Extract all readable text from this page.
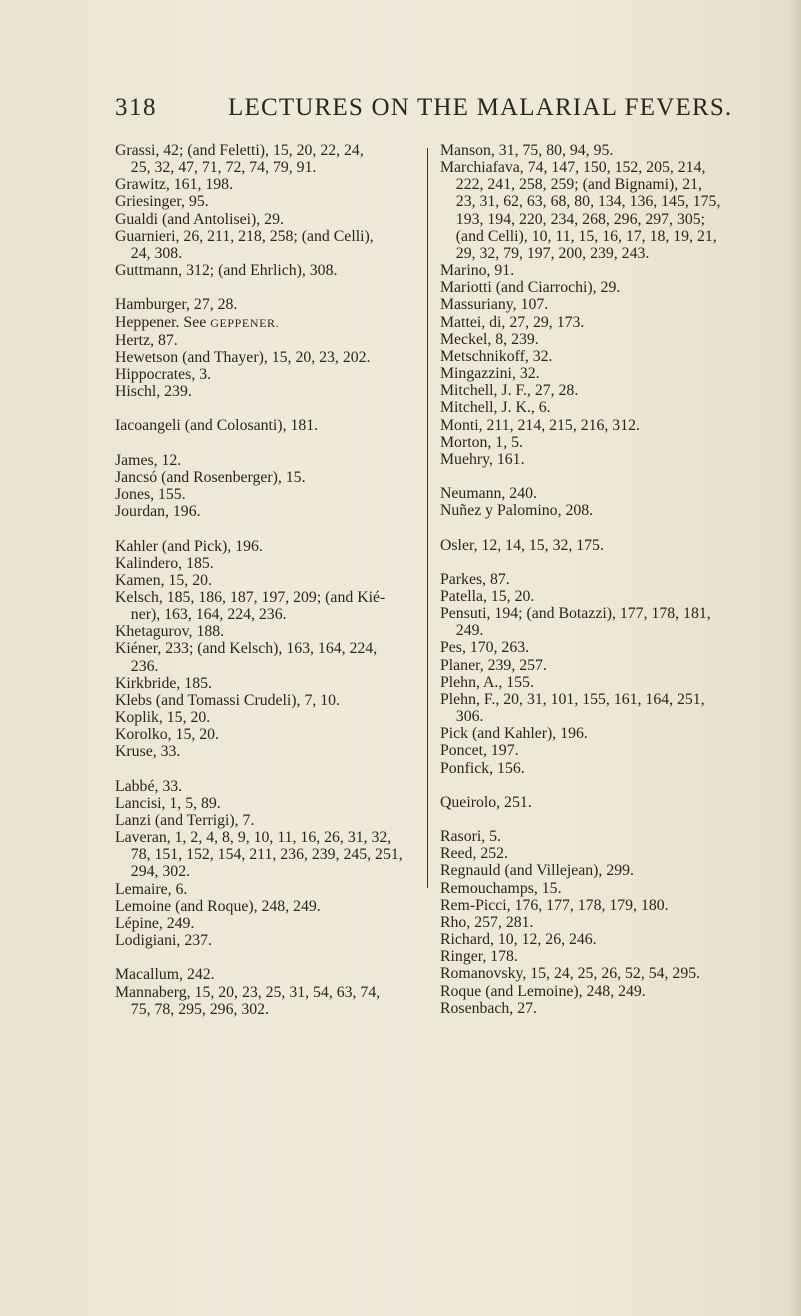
318	LECTURES ON THE MALARIAL FEVERS.
Grassi, 42; (and Feletti), 15, 20, 22, 24,
 25, 32, 47, 71, 72, 74, 79, 91.
Grawitz, 161, 198.
Griesinger, 95.
Gualdi (and Antolisei), 29.
Guarnieri, 26, 211, 218, 258; (and Celli),
 24, 308.
Guttmann, 312; (and Ehrlich), 308.
Hamburger, 27, 28.
Heppener. See GEPPENER.
Hertz, 87.
Hewetson (and Thayer), 15, 20, 23, 202.
Hippocrates, 3.
Hischl, 239.
Iacoangeli (and Colosanti), 181.
James, 12.
Jancsó (and Rosenberger), 15.
Jones, 155.
Jourdan, 196.
Kahler (and Pick), 196.
Kalindero, 185.
Kamen, 15, 20.
Kelsch, 185, 186, 187, 197, 209; (and Kié-
 ner), 163, 164, 224, 236.
Khetagurov, 188.
Kiéner, 233; (and Kelsch), 163, 164, 224,
 236.
Kirkbride, 185.
Klebs (and Tomassi Crudeli), 7, 10.
Koplik, 15, 20.
Korolko, 15, 20.
Kruse, 33.
Labbé, 33.
Lancisi, 1, 5, 89.
Lanzi (and Terrigi), 7.
Laveran, 1, 2, 4, 8, 9, 10, 11, 16, 26, 31, 32,
 78, 151, 152, 154, 211, 236, 239, 245, 251,
 294, 302.
Lemaire, 6.
Lemoine (and Roque), 248, 249.
Lépine, 249.
Lodigiani, 237.
Macallum, 242.
Mannaberg, 15, 20, 23, 25, 31, 54, 63, 74,
 75, 78, 295, 296, 302.
Manson, 31, 75, 80, 94, 95.
Marchiafava, 74, 147, 150, 152, 205, 214,
 222, 241, 258, 259; (and Bignami), 21,
 23, 31, 62, 63, 68, 80, 134, 136, 145, 175,
 193, 194, 220, 234, 268, 296, 297, 305;
 (and Celli), 10, 11, 15, 16, 17, 18, 19, 21,
 29, 32, 79, 197, 200, 239, 243.
Marino, 91.
Mariotti (and Ciarrochi), 29.
Massuriany, 107.
Mattei, di, 27, 29, 173.
Meckel, 8, 239.
Metschnikoff, 32.
Mingazzini, 32.
Mitchell, J. F., 27, 28.
Mitchell, J. K., 6.
Monti, 211, 214, 215, 216, 312.
Morton, 1, 5.
Muehry, 161.
Neumann, 240.
Nuñez y Palomino, 208.
Osler, 12, 14, 15, 32, 175.
Parkes, 87.
Patella, 15, 20.
Pensuti, 194; (and Botazzi), 177, 178, 181,
 249.
Pes, 170, 263.
Planer, 239, 257.
Plehn, A., 155.
Plehn, F., 20, 31, 101, 155, 161, 164, 251,
 306.
Pick (and Kahler), 196.
Poncet, 197.
Ponfick, 156.
Queirolo, 251.
Rasori, 5.
Reed, 252.
Regnauld (and Villejean), 299.
Remouchamps, 15.
Rem-Picci, 176, 177, 178, 179, 180.
Rho, 257, 281.
Richard, 10, 12, 26, 246.
Ringer, 178.
Romanovsky, 15, 24, 25, 26, 52, 54, 295.
Roque (and Lemoine), 248, 249.
Rosenbach, 27.
